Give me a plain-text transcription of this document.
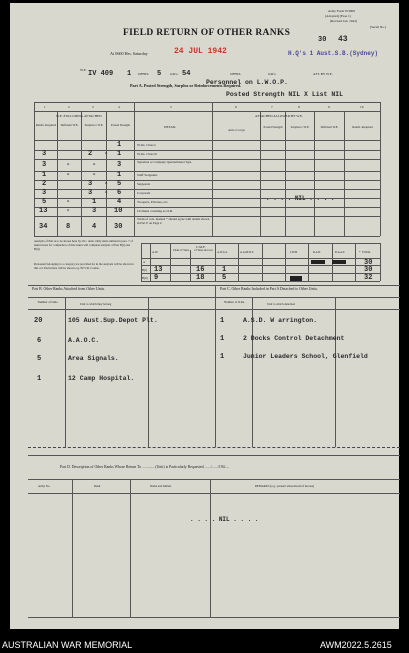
Army Form W3009
(Adopted) (Fsae 1)
(Revised Jan. 1942)
(Serial No.)
30 43
FIELD RETURN OF OTHER RANKS
At 0600 Hrs. Saturday	24 JUL 1942	H.Q's 1 Aust.S.B.(Sydney)
W.E. IV 409 1 OFFRS. 5	O.R's. 54	OFFRS.	O.R's.	ATT. BY W.E.
Part A. Posted Strength, Surplus or Reinforcements Required.
Personnel on L.W.O.P.
Posted Strength NIL X List NIL
1	2	3	4	5	6	7	8	9	10
W.E. EXCLUDING ATTACHED	ATTACHED ALLOWED BY W.E.
DETAIL
Reinfs. Required	Deficient W.E.	Surplus to W.E.	Posted Strength
Arm or Corps
Posted Strength	Surplus to W.E.	Deficient W.E.	Reinfs. Required
W.Os. Class I.
1
W.Os. Class II.
3	2 - 1
Squadron or Company Quartermaster Sgts.
3	-	-	3
Staff Sergeants
1	-	-	1
Sergeants
2	3 - 5
Corporals
3	3 - 6
Troopers, Privates, etc.
5	-	1	4
Civilians counting as O.R.
13	-	3	10
Totals of cols. marked * should agree with details shown in Part E on Page 2.
34	8	4	30
. . . . NIL . . . .
Analysis of Part A to be shown here by O.C. units. Only units entitled in para. 7 of instructions for completion of this return will complete analysis of Part B(i) and B(ii).
Personnel belonging to a category not provided for in the analysis will be shown in this col. Particulars will be shown e.g. 80 V.D. Course.
C.M.F.
A.I.F.
Under 21 Years	21 Years and over
A.W.A.S.	A.A.M.W.S.	CIV.B.	R.A.N.	R.A.A.F.	* TOTAL
A	30
B(i) 13	16	1	30
B(ii) 9	18	5	32
Part B. Other Ranks Attached from Other Units.	Part C. Other Ranks Included in Part A Detached to Other Units.
Number of O.Rs.	Unit to which they belong	Number of O.Rs.	Unit to which detached
20	105 Aust.Sup.Depot Plt.
6	A.A.O.C.
5	Area Signals.
1	12 Camp Hospital.
1	A.S.D. W arrington.
1	2 Docks Control Detachment
1	Junior Leaders School, Glenfield
Part D. Description of Other Ranks Whose Return To ............. (Unit) is Particularly Requested. ....../....../194.....
Army No.	Rank	Name and Initials	REMARKS (e.g., present whereabouts if known)
. . . . NIL . . . .
AUSTRALIAN WAR MEMORIAL	AWM2022.5.2615
